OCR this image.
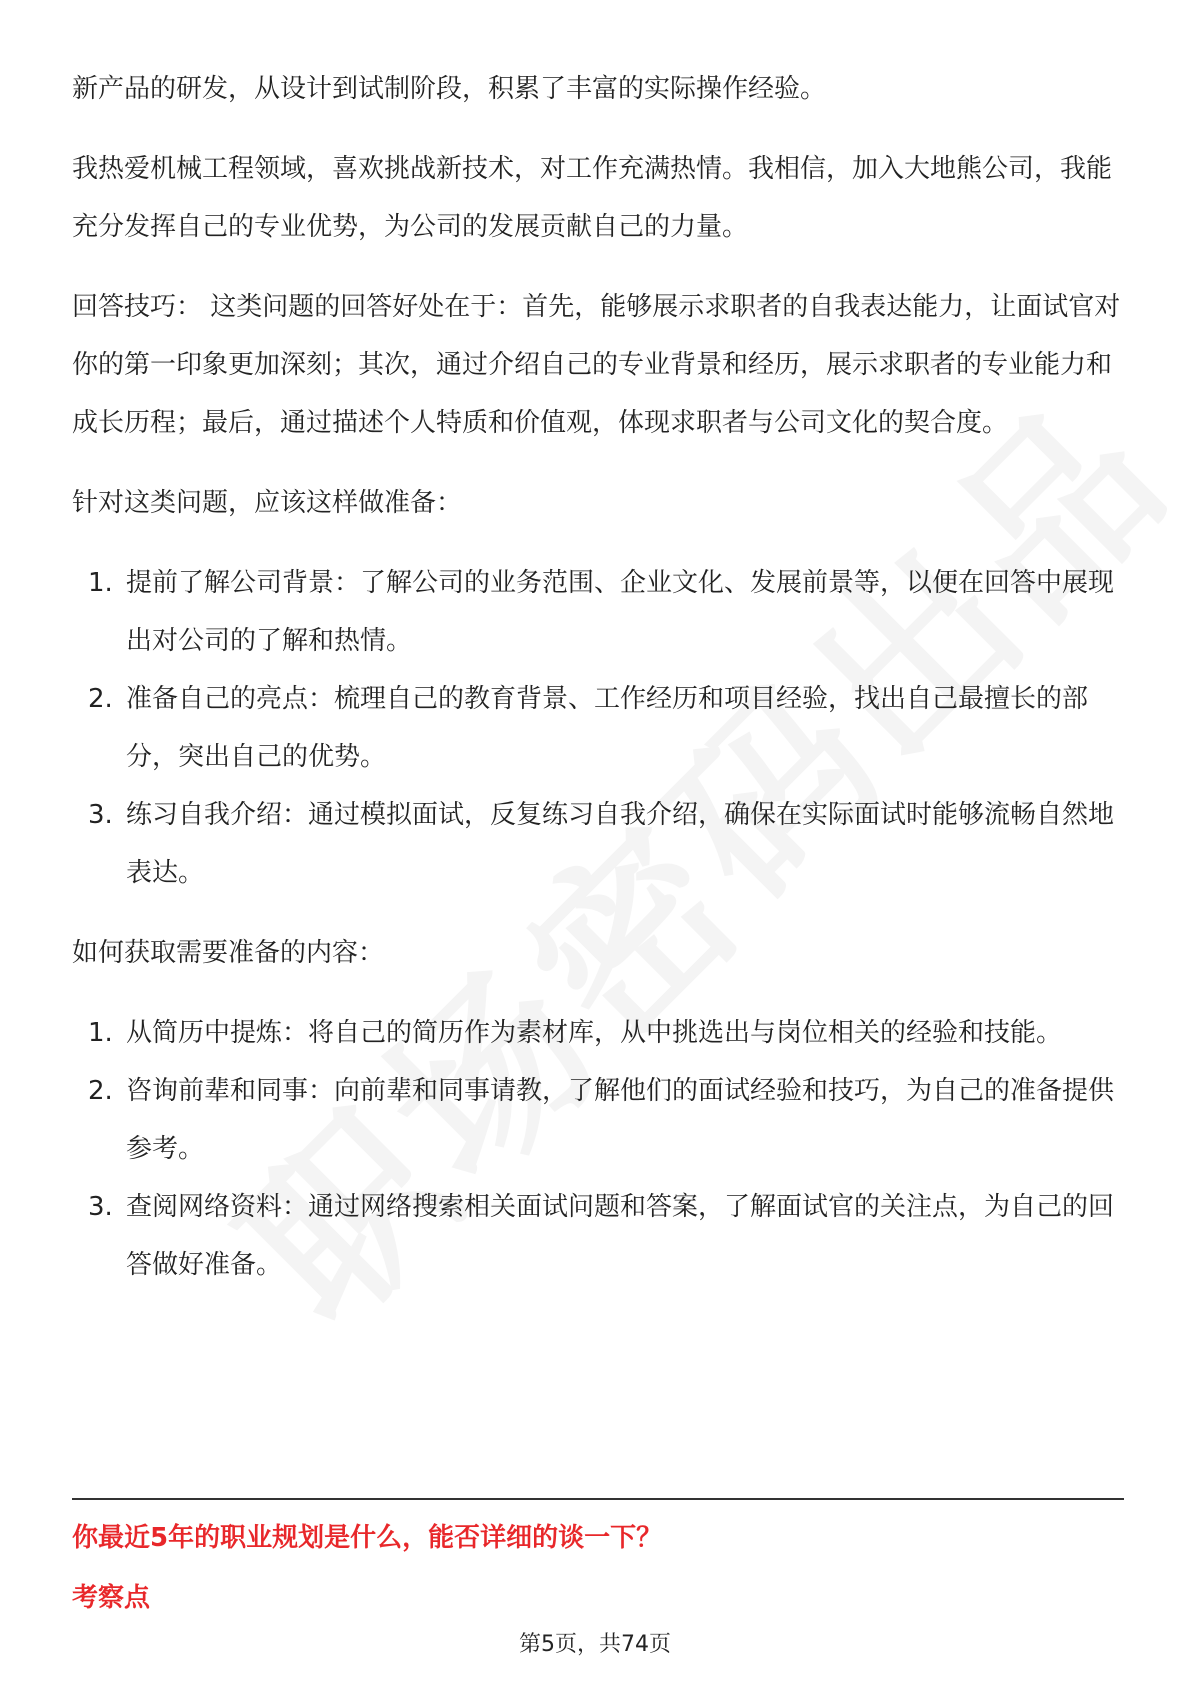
新产品的研发，从设计到试制阶段，积累了丰富的实际操作经验。

我热爱机械工程领域，喜欢挑战新技术，对工作充满热情。我相信，加入大地熊公司，我能充分发挥自己的专业优势，为公司的发展贡献自己的力量。

回答技巧： 这类问题的回答好处在于：首先，能够展示求职者的自我表达能力，让面试官对你的第一印象更加深刻；其次，通过介绍自己的专业背景和经历，展示求职者的专业能力和成长历程；最后，通过描述个人特质和价值观，体现求职者与公司文化的契合度。

针对这类问题，应该这样做准备：

1. 提前了解公司背景：了解公司的业务范围、企业文化、发展前景等，以便在回答中展现出对公司的了解和热情。
2. 准备自己的亮点：梳理自己的教育背景、工作经历和项目经验，找出自己最擅长的部分，突出自己的优势。
3. 练习自我介绍：通过模拟面试，反复练习自我介绍，确保在实际面试时能够流畅自然地表达。

如何获取需要准备的内容：

1. 从简历中提炼：将自己的简历作为素材库，从中挑选出与岗位相关的经验和技能。
2. 咨询前辈和同事：向前辈和同事请教，了解他们的面试经验和技巧，为自己的准备提供参考。
3. 查阅网络资料：通过网络搜索相关面试问题和答案，了解面试官的关注点，为自己的回答做好准备。
你最近5年的职业规划是什么，能否详细的谈一下？
考察点
第5页，共74页
